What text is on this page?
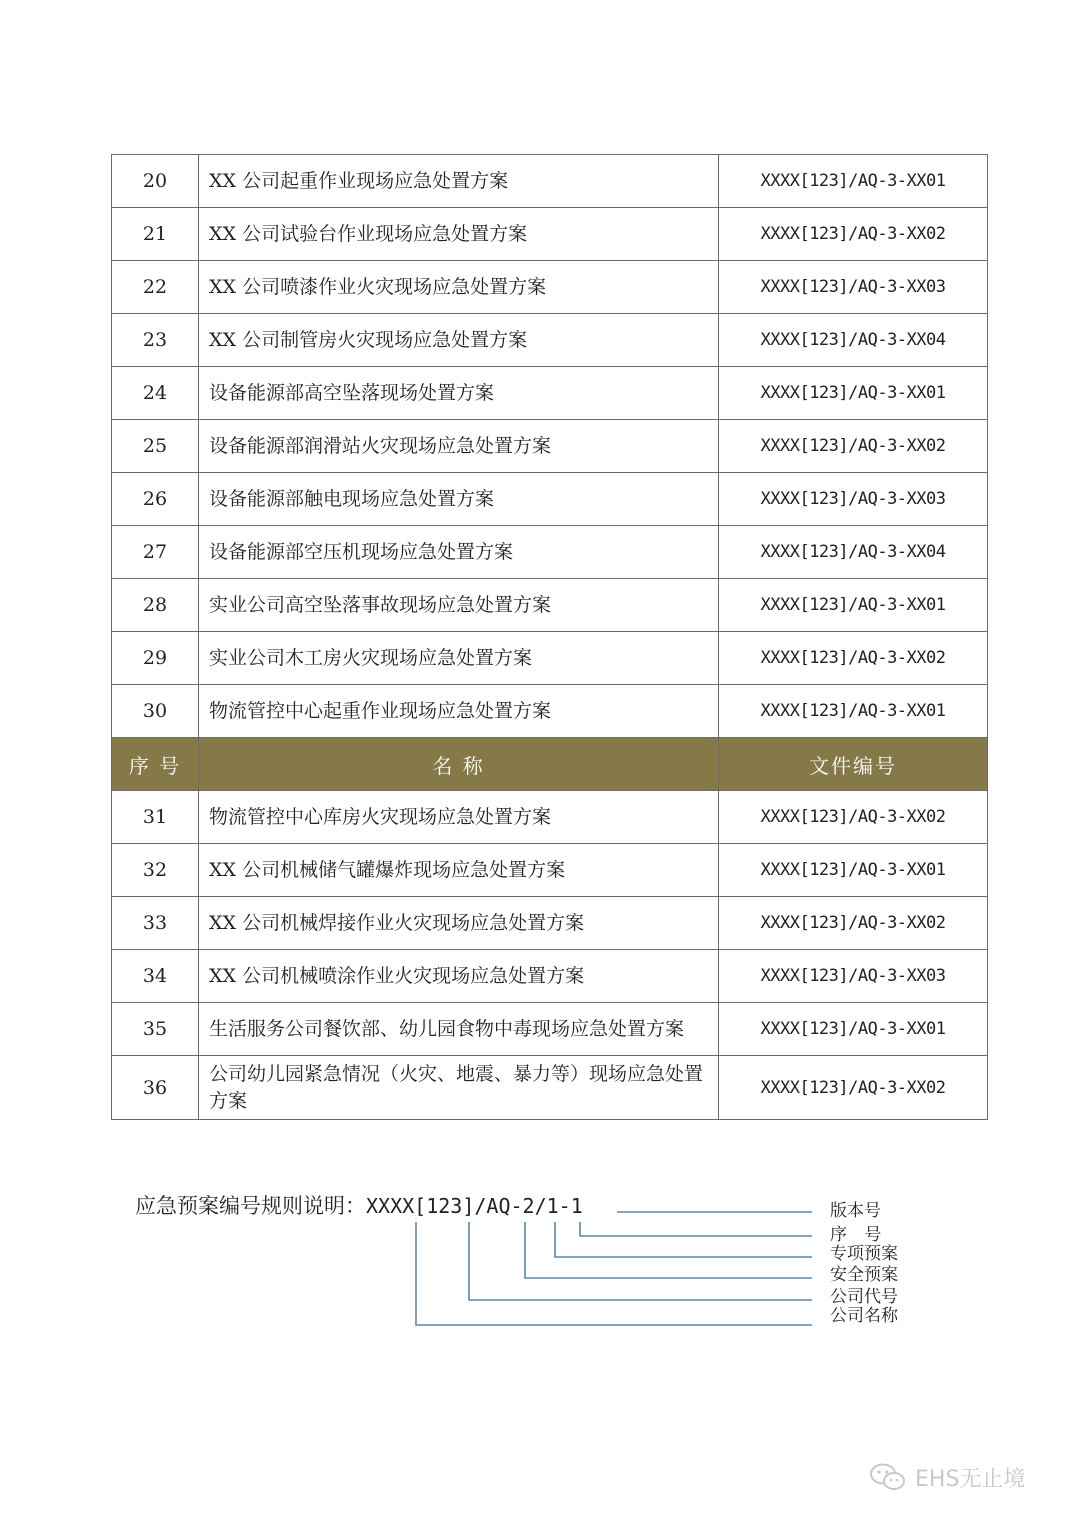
20	XX 公司起重作业现场应急处置方案	XXXX[123]/AQ-3-XX01
21	XX 公司试验台作业现场应急处置方案	XXXX[123]/AQ-3-XX02
22	XX 公司喷漆作业火灾现场应急处置方案	XXXX[123]/AQ-3-XX03
23	XX 公司制管房火灾现场应急处置方案	XXXX[123]/AQ-3-XX04
24	设备能源部高空坠落现场处置方案	XXXX[123]/AQ-3-XX01
25	设备能源部润滑站火灾现场应急处置方案	XXXX[123]/AQ-3-XX02
26	设备能源部触电现场应急处置方案	XXXX[123]/AQ-3-XX03
27	设备能源部空压机现场应急处置方案	XXXX[123]/AQ-3-XX04
28	实业公司高空坠落事故现场应急处置方案	XXXX[123]/AQ-3-XX01
29	实业公司木工房火灾现场应急处置方案	XXXX[123]/AQ-3-XX02
30	物流管控中心起重作业现场应急处置方案	XXXX[123]/AQ-3-XX01
序 号	名 称	文件编号
31	物流管控中心库房火灾现场应急处置方案	XXXX[123]/AQ-3-XX02
32	XX 公司机械储气罐爆炸现场应急处置方案	XXXX[123]/AQ-3-XX01
33	XX 公司机械焊接作业火灾现场应急处置方案	XXXX[123]/AQ-3-XX02
34	XX 公司机械喷涂作业火灾现场应急处置方案	XXXX[123]/AQ-3-XX03
35	生活服务公司餐饮部、幼儿园食物中毒现场应急处置方案	XXXX[123]/AQ-3-XX01
36	公司幼儿园紧急情况（火灾、地震、暴力等）现场应急处置方案	XXXX[123]/AQ-3-XX02
应急预案编号规则说明：XXXX[123]/AQ-2/1-1	版本号
序 号
专项预案
安全预案
公司代号
公司名称
EHS无止境
